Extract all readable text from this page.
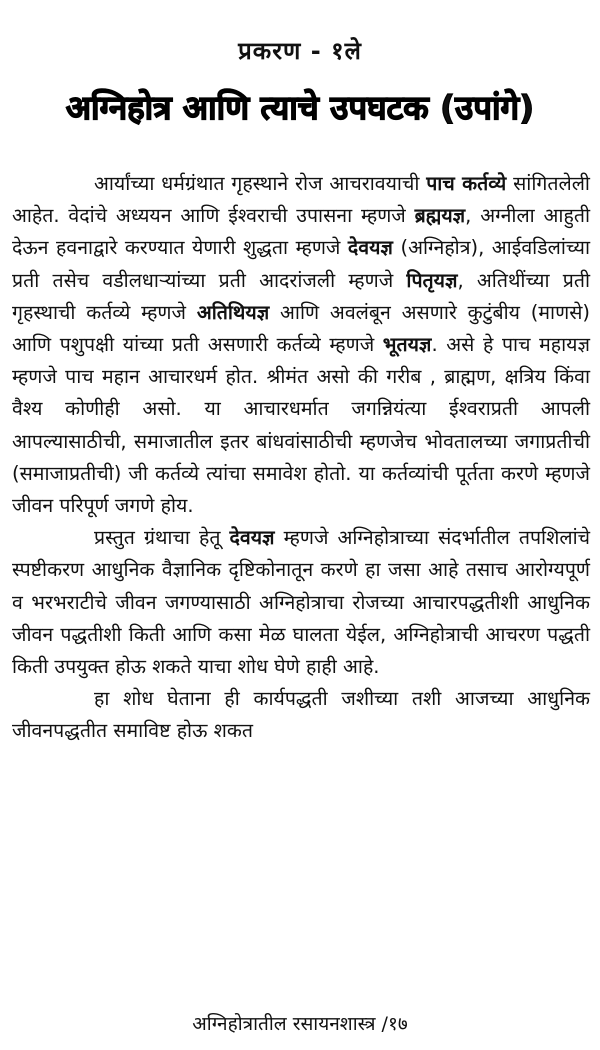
प्रकरण - १ले
अग्निहोत्र आणि त्याचे उपघटक (उपांगे)

आर्यांच्या धर्मग्रंथात गृहस्थाने रोज आचरावयाची पाच कर्तव्ये सांगितलेली आहेत. वेदांचे अध्ययन आणि ईश्वराची उपासना म्हणजे ब्रह्मयज्ञ, अग्नीला आहुती देऊन हवनाद्वारे करण्यात येणारी शुद्धता म्हणजे देवयज्ञ (अग्निहोत्र), आईवडिलांच्या प्रती तसेच वडीलधाऱ्यांच्या प्रती आदरांजली म्हणजे पितृयज्ञ, अतिथींच्या प्रती गृहस्थाची कर्तव्ये म्हणजे अतिथियज्ञ आणि अवलंबून असणारे कुटुंबीय (माणसे) आणि पशुपक्षी यांच्या प्रती असणारी कर्तव्ये म्हणजे भूतयज्ञ. असे हे पाच महायज्ञ म्हणजे पाच महान आचारधर्म होत. श्रीमंत असो की गरीब , ब्राह्मण, क्षत्रिय किंवा वैश्य कोणीही असो. या आचारधर्मात जगन्नियंत्या ईश्वराप्रती आपली आपल्यासाठीची, समाजातील इतर बांधवांसाठीची म्हणजेच भोवतालच्या जगाप्रतीची (समाजाप्रतीची) जी कर्तव्ये त्यांचा समावेश होतो. या कर्तव्यांची पूर्तता करणे म्हणजे जीवन परिपूर्ण जगणे होय.

प्रस्तुत ग्रंथाचा हेतू देवयज्ञ म्हणजे अग्निहोत्राच्या संदर्भातील तपशिलांचे स्पष्टीकरण आधुनिक वैज्ञानिक दृष्टिकोनातून करणे हा जसा आहे तसाच आरोग्यपूर्ण व भरभराटीचे जीवन जगण्यासाठी अग्निहोत्राचा रोजच्या आचारपद्धतीशी आधुनिक जीवन पद्धतीशी किती आणि कसा मेळ घालता येईल, अग्निहोत्राची आचरण पद्धती किती उपयुक्त होऊ शकते याचा शोध घेणे हाही आहे.

हा शोध घेताना ही कार्यपद्धती जशीच्या तशी आजच्या आधुनिक जीवनपद्धतीत समाविष्ट होऊ शकत

अग्निहोत्रातील रसायनशास्त्र /१७
